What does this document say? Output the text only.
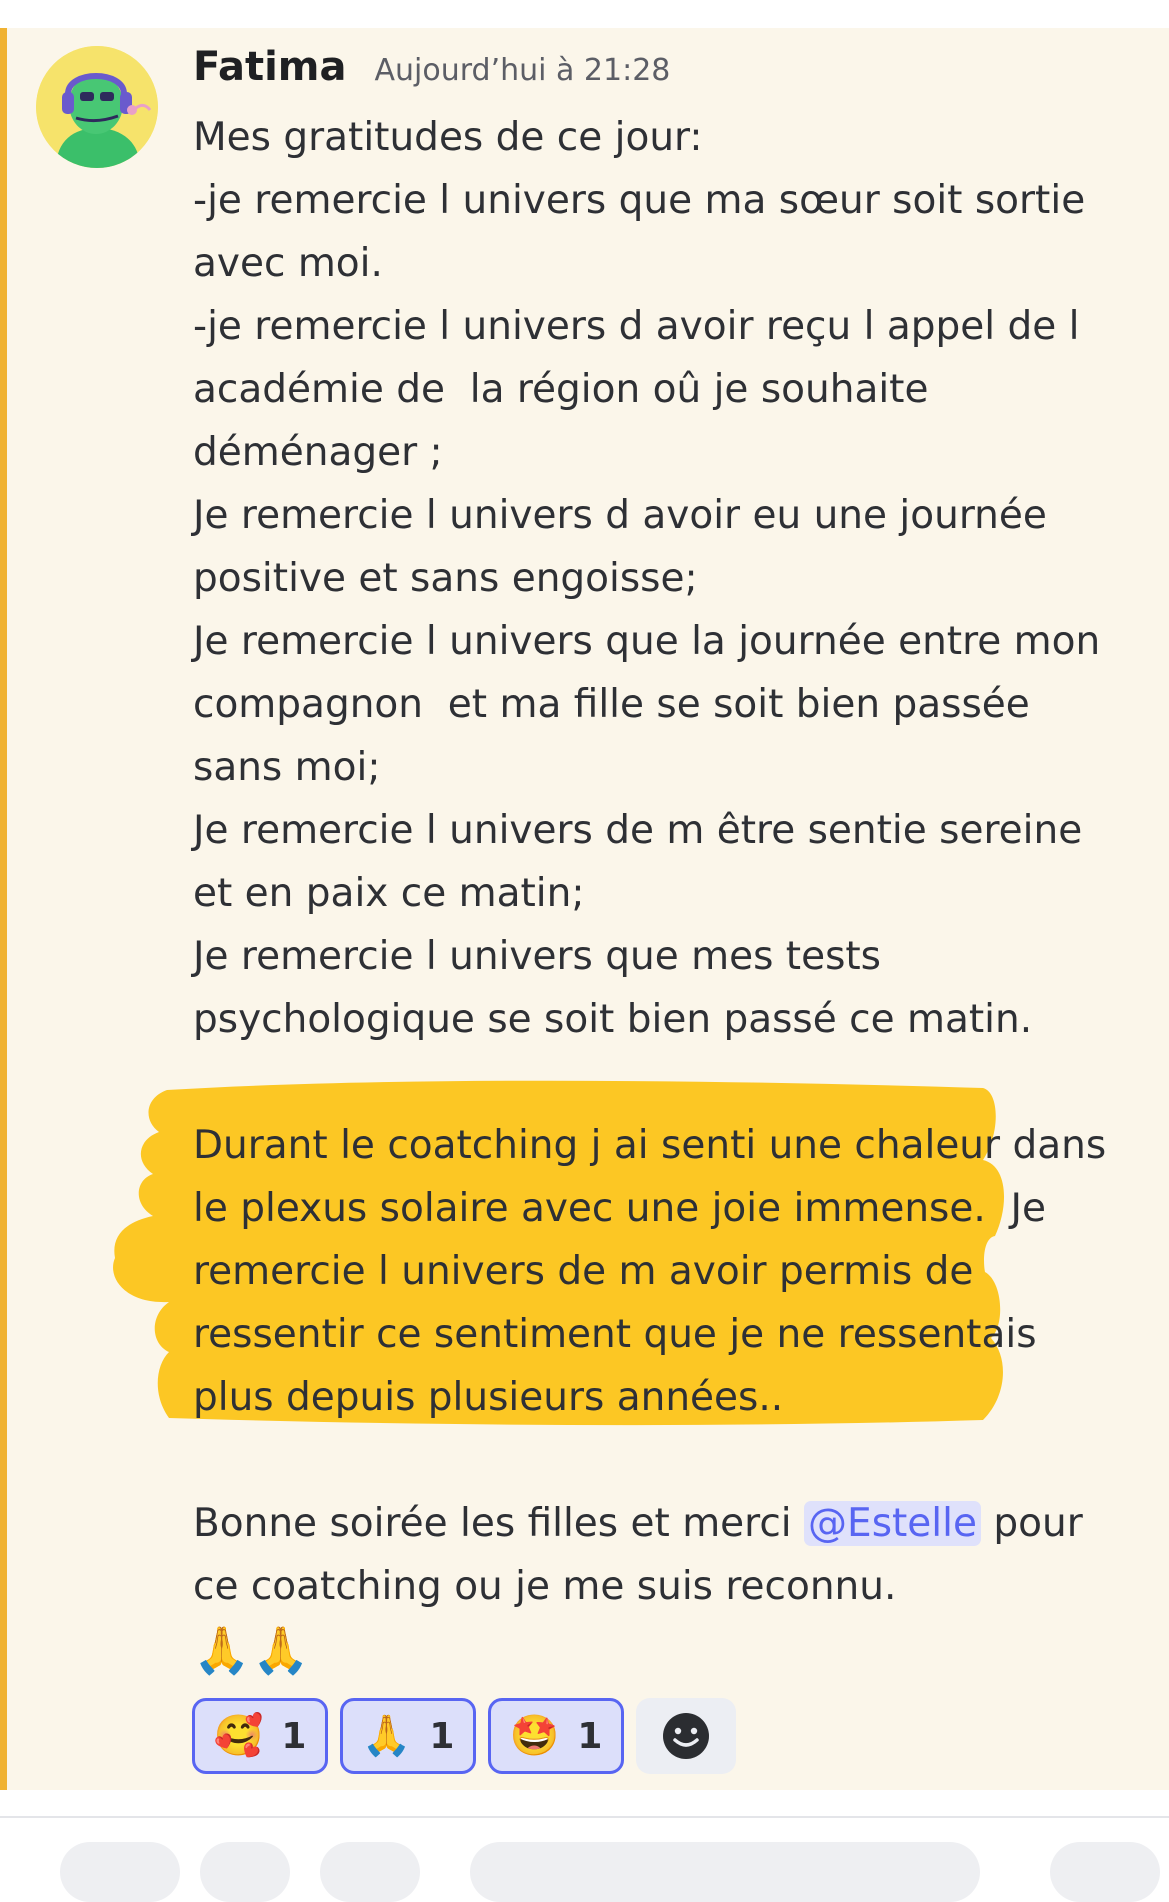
Fatima Aujourd’hui à 21:28
Mes gratitudes de ce jour:
-je remercie l univers que ma sœur soit sortie
avec moi.
-je remercie l univers d avoir reçu l appel de l
académie de  la région oû je souhaite
déménager ;
Je remercie l univers d avoir eu une journée
positive et sans engoisse;
Je remercie l univers que la journée entre mon
compagnon  et ma fille se soit bien passée
sans moi;
Je remercie l univers de m être sentie sereine
et en paix ce matin;
Je remercie l univers que mes tests
psychologique se soit bien passé ce matin.
Durant le coatching j ai senti une chaleur dans
le plexus solaire avec une joie immense.  Je
remercie l univers de m avoir permis de
ressentir ce sentiment que je ne ressentais
plus depuis plusieurs années..
Bonne soirée les filles et merci @Estelle pour
ce coatching ou je me suis reconnu.
🙏 🙏
🥰 1 🙏 1 🤩 1
